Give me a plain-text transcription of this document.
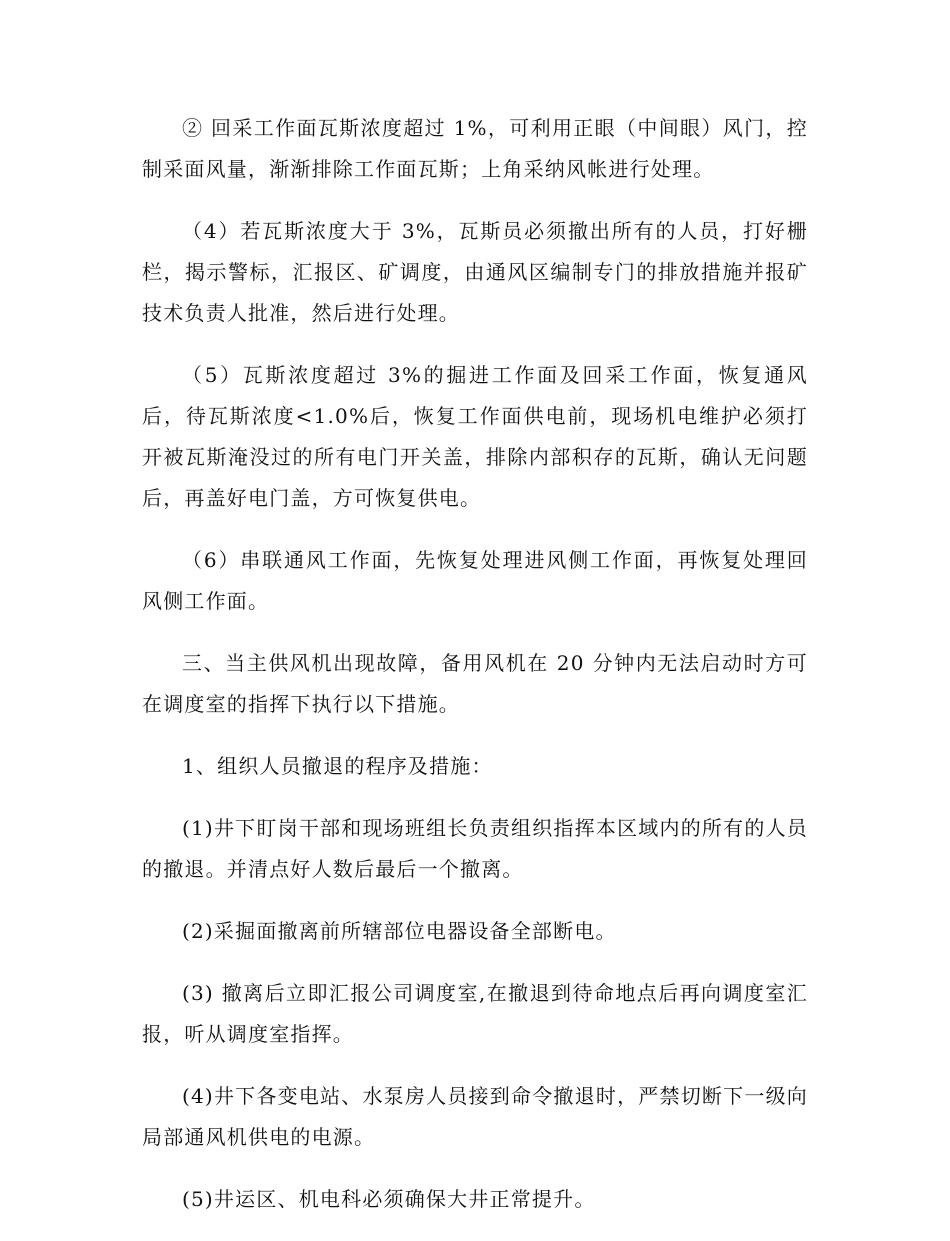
② 回采工作面瓦斯浓度超过 1%，可利用正眼（中间眼）风门，控制采面风量，渐渐排除工作面瓦斯；上角采纳风帐进行处理。

（4）若瓦斯浓度大于 3%，瓦斯员必须撤出所有的人员，打好栅栏，揭示警标，汇报区、矿调度，由通风区编制专门的排放措施并报矿技术负责人批准，然后进行处理。

（5）瓦斯浓度超过 3%的掘进工作面及回采工作面，恢复通风后，待瓦斯浓度<1.0%后，恢复工作面供电前，现场机电维护必须打开被瓦斯淹没过的所有电门开关盖，排除内部积存的瓦斯，确认无问题后，再盖好电门盖，方可恢复供电。

（6）串联通风工作面，先恢复处理进风侧工作面，再恢复处理回风侧工作面。

三、当主供风机出现故障，备用风机在 20 分钟内无法启动时方可在调度室的指挥下执行以下措施。

1、组织人员撤退的程序及措施：

(1)井下盯岗干部和现场班组长负责组织指挥本区域内的所有的人员的撤退。并清点好人数后最后一个撤离。

(2)采掘面撤离前所辖部位电器设备全部断电。

(3) 撤离后立即汇报公司调度室,在撤退到待命地点后再向调度室汇报，听从调度室指挥。

(4)井下各变电站、水泵房人员接到命令撤退时，严禁切断下一级向局部通风机供电的电源。

(5)井运区、机电科必须确保大井正常提升。
